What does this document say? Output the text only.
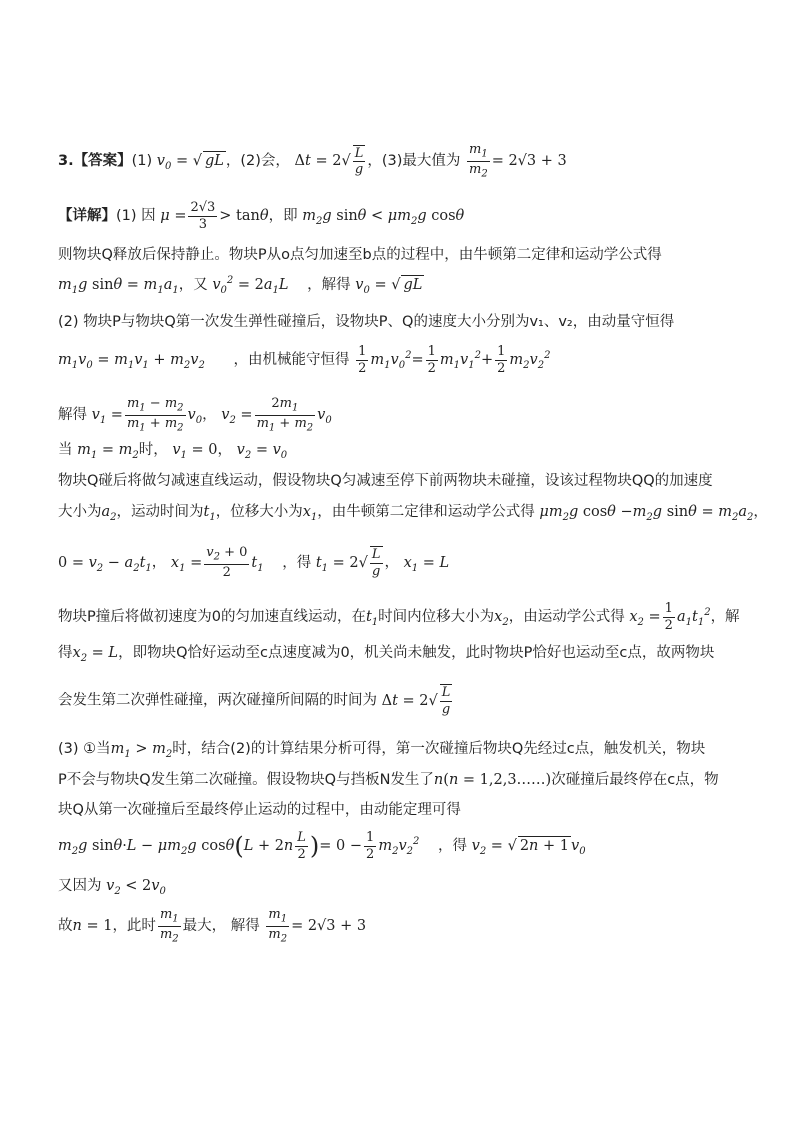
3.【答案】(1) $v_0$ = √ gL ，(2)会， $\Delta t = 2√ \frac{L}{g}$ ，(3)最大值为 $\frac{m_1}{m_2} = 2√3 + 3$
【详解】(1) 因 $\mu = \frac{2√3}{3} > \tan\theta$，即 $m_2g$ $\sin\theta < \mu m_2g$ cosθ
则物块Q释放后保持静止。物块P从o点匀加速至b点的过程中，由牛顿第二定律和运动学公式得
$m_1g$ $\sin\theta = m_1a_1$，又 $v_0^2 = 2a_1L$ ，解得 $v_0$ = √ gL
(2) 物块P与物块Q第一次发生弹性碰撞后，设物块P、Q的速度大小分别为v₁、v₂，由动量守恒得
$m_1v_0 = m_1v_1 + m_2v_2$ ，由机械能守恒得 $\frac{1}{2} m_1v_0^2= \frac{1}{2} m_1v_1^2+ \frac{1}{2} m_2v_2^2$
解得 $v_1 = \frac{m_1 - m_2}{m_1 + m_2} v_0$， $v_2 = \frac{2m_1}{m_1 + m_2} v_0$
当 $m_1 = m_2$时， $v_1 = 0$， $v_2 = v_0$
物块Q碰后将做匀减速直线运动，假设物块Q匀减速至停下前两物块未碰撞，设该过程物块QQ的加速度
大小为$a_2$，运动时间为$t_1$，位移大小为$x_1$，由牛顿第二定律和运动学公式得 $\mu m_2g$ $\cos\theta -m_2g$ $\sin\theta = m_2a_2$，
$0 = v_2 - a_2t_1$， $x_1 = \frac{v_2 + 0}{2} t_1$ ，得 $t_1 = 2√ \frac{L}{g}$ ， $x_1 = L$
物块P撞后将做初速度为0的匀加速直线运动，在$t_1$时间内位移大小为$x_2$，由运动学公式得 $x_2 = \frac{1}{2} a_1t_1^2$，解
得$x_2 = L$，即物块Q恰好运动至c点速度减为0，机关尚未触发，此时物块P恰好也运动至c点，故两物块
会发生第二次弹性碰撞，两次碰撞所间隔的时间为 $\Delta t = 2√ \frac{L}{g}$
(3) ①当$m_1 > m_2$时，结合(2)的计算结果分析可得，第一次碰撞后物块Q先经过c点，触发机关，物块
P不会与物块Q发生第二次碰撞。假设物块Q与挡板N发生了n(n = 1,2,3……)次碰撞后最终停在c点，物
块Q从第一次碰撞后至最终停止运动的过程中，由动能定理可得
$m_2g$ $\sin\theta\cdot L - \mu m_2g$ $\cos\theta(L + 2n \frac{L}{2}$ )= $0 - \frac{1}{2} m_2v_2^2$ ，得 $v_2$ = √ 2n + 1 $v_0$
又因为 $v_2 < 2v_0$
故n = 1，此时 $\frac{m_1}{m_2}$ 最大， 解得 $\frac{m_1}{m_2} = 2√3 + 3$
